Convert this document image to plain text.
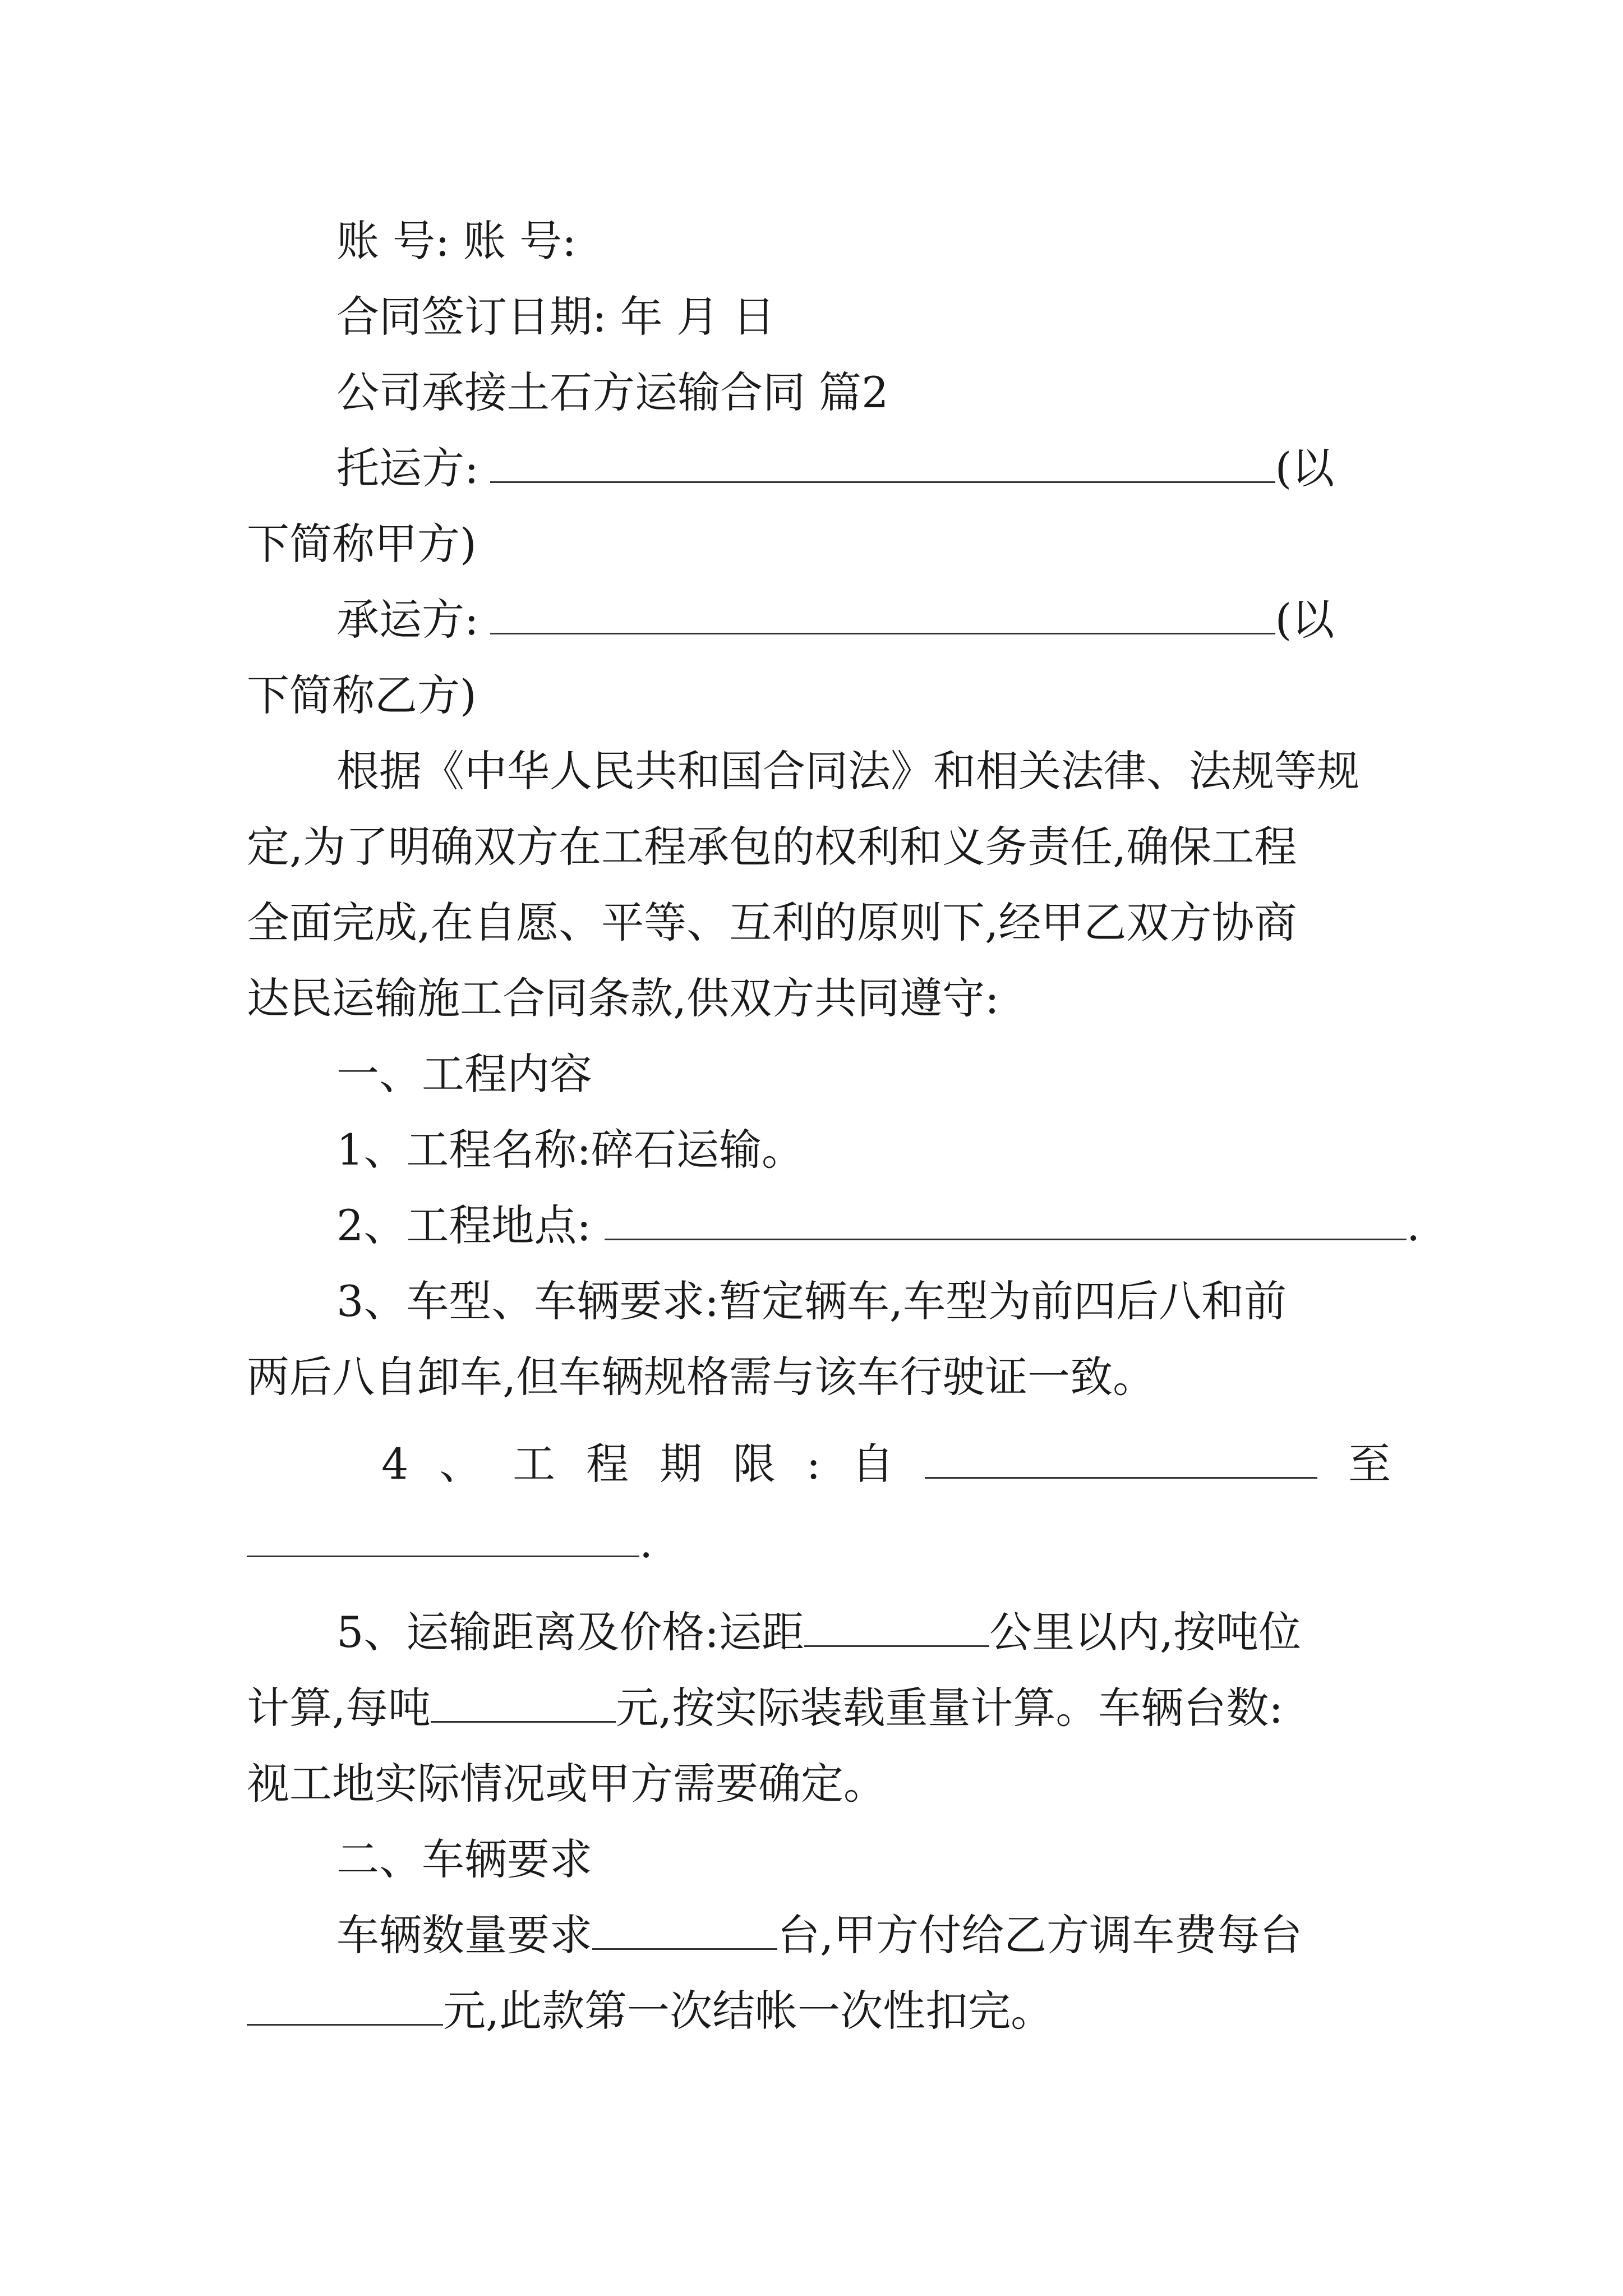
账 号: 账 号:
合同签订日期: 年 月 日
公司承接土石方运输合同 篇2
托运方:	(以
下简称甲方)
承运方:	(以
下简称乙方)
根据《中华人民共和国合同法》和相关法律、法规等规
定,为了明确双方在工程承包的权利和义务责任,确保工程
全面完成,在自愿、平等、互利的原则下,经甲乙双方协商
达民运输施工合同条款,供双方共同遵守:
一、工程内容
1、工程名称:碎石运输。
2、工程地点:	.
3、车型、车辆要求:暂定辆车,车型为前四后八和前
两后八自卸车,但车辆规格需与该车行驶证一致。
4 、 工 程 期 限 : 自	至
.
5、运输距离及价格:运距	公里以内,按吨位
计算,每吨	元,按实际装载重量计算。车辆台数:
视工地实际情况或甲方需要确定。
二、车辆要求
车辆数量要求	台,甲方付给乙方调车费每台
元,此款第一次结帐一次性扣完。
